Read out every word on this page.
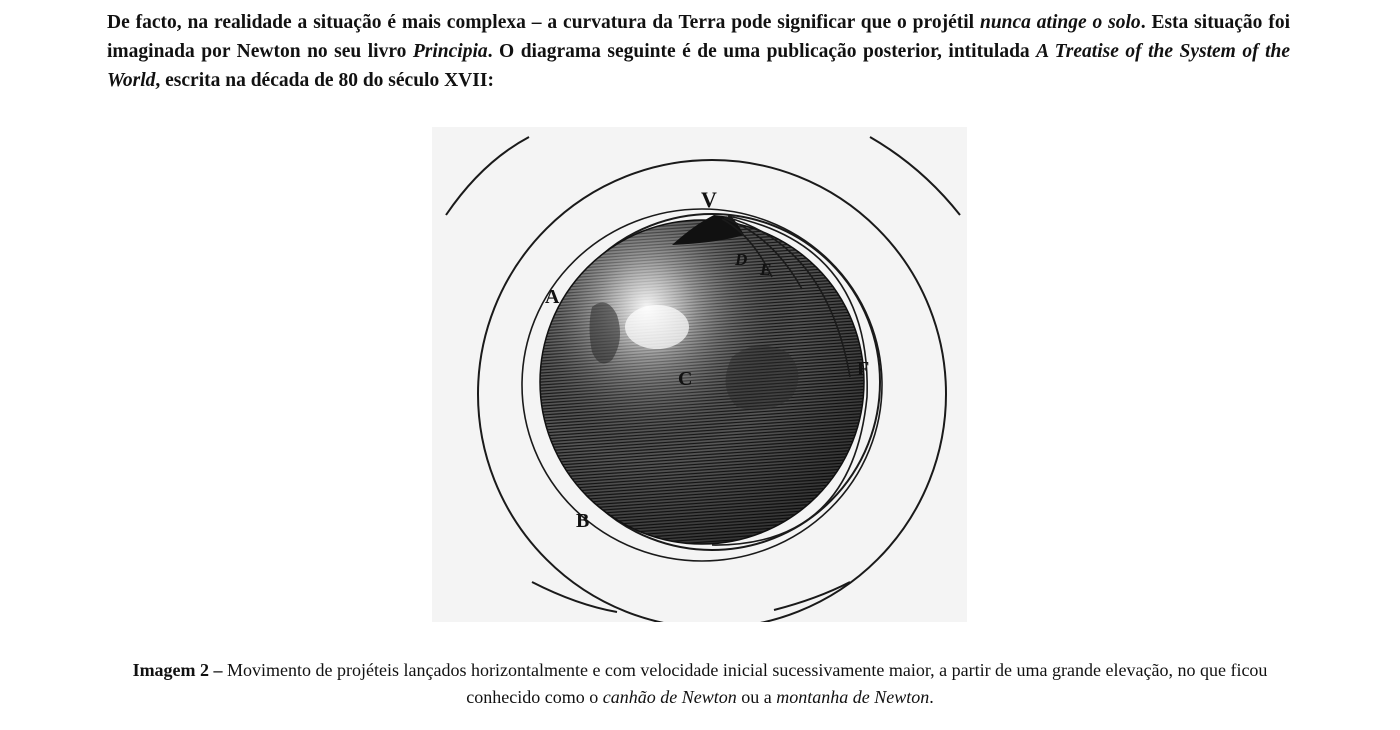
De facto, na realidade a situação é mais complexa – a curvatura da Terra pode significar que o projétil nunca atinge o solo. Esta situação foi imaginada por Newton no seu livro Principia. O diagrama seguinte é de uma publicação posterior, intitulada A Treatise of the System of the World, escrita na década de 80 do século XVII:

V
A
D
E
F
C
B

Imagem 2 – Movimento de projéteis lançados horizontalmente e com velocidade inicial sucessivamente maior, a partir de uma grande elevação, no que ficou conhecido como o canhão de Newton ou a montanha de Newton.
